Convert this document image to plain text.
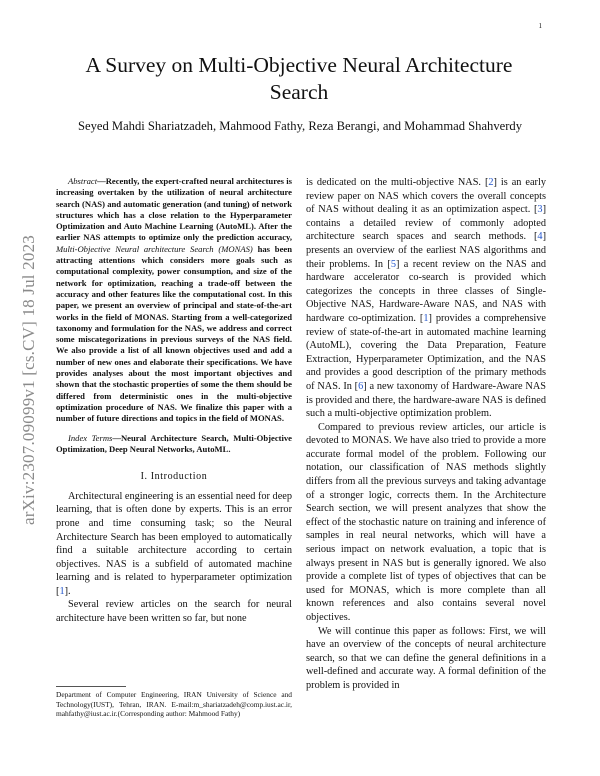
1
arXiv:2307.09099v1 [cs.CV] 18 Jul 2023
A Survey on Multi-Objective Neural Architecture Search
Seyed Mahdi Shariatzadeh, Mahmood Fathy, Reza Berangi, and Mohammad Shahverdy

Abstract—Recently, the expert-crafted neural architectures is increasing overtaken by the utilization of neural architecture search (NAS) and automatic generation (and tuning) of network structures which has a close relation to the Hyperparameter Optimization and Auto Machine Learning (AutoML). After the earlier NAS attempts to optimize only the prediction accuracy, Multi-Objective Neural architecture Search (MONAS) has been attracting attentions which considers more goals such as computational complexity, power consumption, and size of the network for optimization, reaching a trade-off between the accuracy and other features like the computational cost. In this paper, we present an overview of principal and state-of-the-art works in the field of MONAS. Starting from a well-categorized taxonomy and formulation for the NAS, we address and correct some miscategorizations in previous surveys of the NAS field. We also provide a list of all known objectives used and add a number of new ones and elaborate their specifications. We have provides analyses about the most important objectives and shown that the stochastic properties of some the them should be differed from deterministic ones in the multi-objective optimization procedure of NAS. We finalize this paper with a number of future directions and topics in the field of MONAS.

Index Terms—Neural Architecture Search, Multi-Objective Optimization, Deep Neural Networks, AutoML.

I. Introduction

Architectural engineering is an essential need for deep learning, that is often done by experts. This is an error prone and time consuming task; so the Neural Architecture Search has been employed to automatically find a suitable architecture according to certain objectives. NAS is a subfield of automated machine learning and is related to hyperparameter optimization [1].

Several review articles on the search for neural architecture have been written so far, but none

Department of Computer Engineering, IRAN University of Science and Technology(IUST), Tehran, IRAN. E-mail:m_shariatzadeh@comp.iust.ac.ir, mahfathy@iust.ac.ir.(Corresponding author: Mahmood Fathy)

is dedicated on the multi-objective NAS. [2] is an early review paper on NAS which covers the overall concepts of NAS without dealing it as an optimization aspect. [3] contains a detailed review of commonly adopted architecture search spaces and search methods. [4] presents an overview of the earliest NAS algorithms and their problems. In [5] a recent review on the NAS and hardware accelerator co-search is provided which categorizes the concepts in three classes of Single-Objective NAS, Hardware-Aware NAS, and NAS with hardware co-optimization. [1] provides a comprehensive review of state-of-the-art in automated machine learning (AutoML), covering the Data Preparation, Feature Extraction, Hyperparameter Optimization, and the NAS and provides a good description of the primary methods of NAS. In [6] a new taxonomy of Hardware-Aware NAS is provided and there, the hardware-aware NAS is defined such a multi-objective optimization problem.

Compared to previous review articles, our article is devoted to MONAS. We have also tried to provide a more accurate formal model of the problem. Following our notation, our classification of NAS methods slightly differs from all the previous surveys and taking advantage of a stronger logic, corrects them. In the Architecture Search section, we will present analyzes that show the effect of the stochastic nature on training and inference of samples in real neural networks, which will have a serious impact on network evaluation, a topic that is always present in NAS but is generally ignored. We also provide a complete list of types of objectives that can be used for MONAS, which is more complete than all known references and also contains several novel objectives.

We will continue this paper as follows: First, we will have an overview of the concepts of neural architecture search, so that we can define the general definitions in a well-defined and accurate way. A formal definition of the problem is provided in
